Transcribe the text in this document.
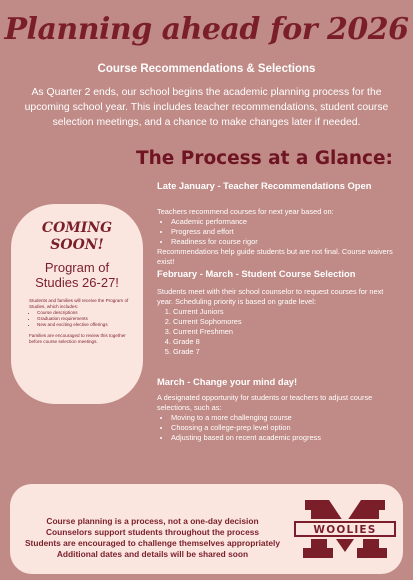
Planning ahead for 2026
Course Recommendations & Selections
As Quarter 2 ends, our school begins the academic planning process for the upcoming school year. This includes teacher recommendations, student course selection meetings, and a chance to make changes later if needed.
The Process at a Glance:
Late January - Teacher Recommendations Open
Teachers recommend courses for next year based on:
• Academic performance
• Progress and effort
• Readiness for course rigor
Recommendations help guide students but are not final. Course waivers exist!
February - March - Student Course Selection
Students meet with their school counselor to request courses for next year. Scheduling priority is based on grade level:
1. Current Juniors
2. Current Sophomores
3. Current Freshmen
4. Grade 8
5. Grade 7
March - Change your mind day!
A designated opportunity for students or teachers to adjust course selections, such as:
• Moving to a more challenging course
• Choosing a college-prep level option
• Adjusting based on recent academic progress
COMING
SOON!
Program of
Studies 26-27!
Students and families will receive the Program of Studies, which includes:
• Course descriptions
• Graduation requirements
• New and exciting elective offerings
Families are encouraged to review this together before course selection meetings.
Course planning is a process, not a one-day decision
Counselors support students throughout the process
Students are encouraged to challenge themselves appropriately
Additional dates and details will be shared soon
WOOLIES
